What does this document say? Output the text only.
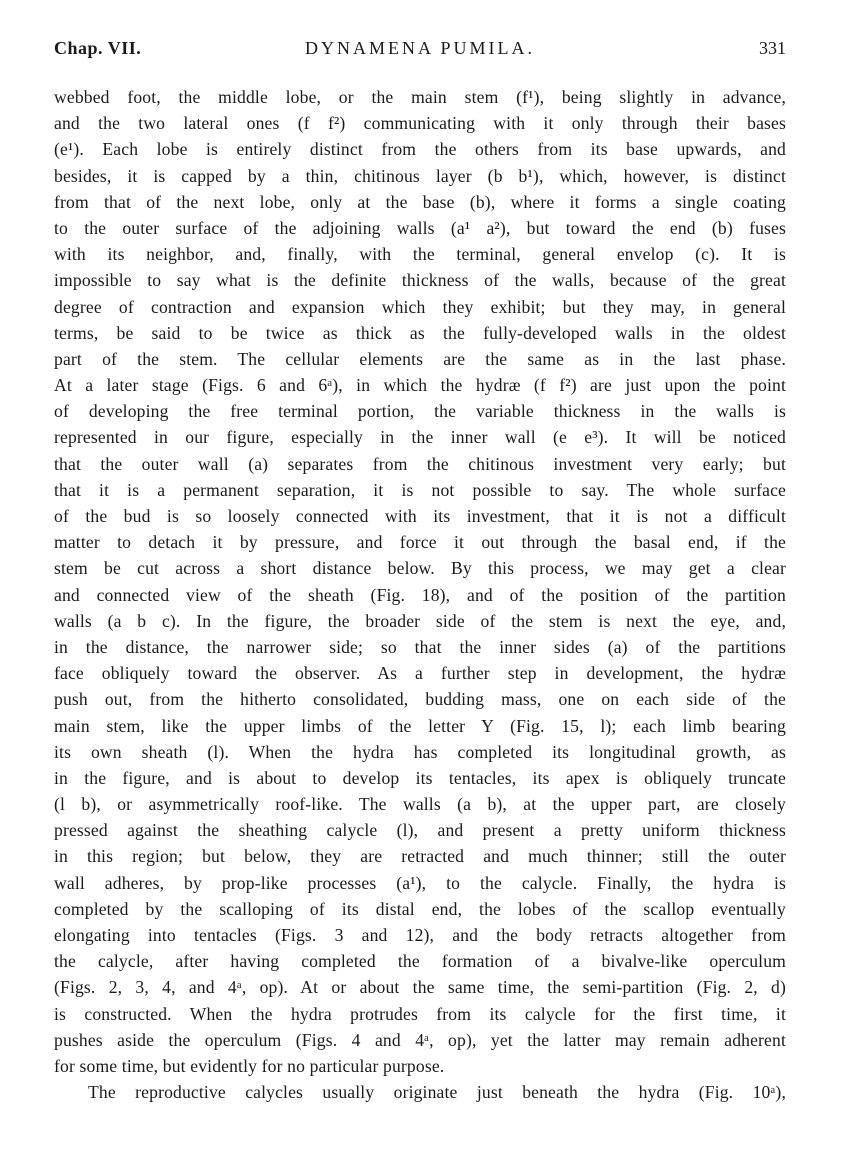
Chap. VII.	DYNAMENA PUMILA.	331
webbed foot, the middle lobe, or the main stem (f¹), being slightly in advance,
and the two lateral ones (f f²) communicating with it only through their bases
(e¹). Each lobe is entirely distinct from the others from its base upwards, and
besides, it is capped by a thin, chitinous layer (b b¹), which, however, is distinct
from that of the next lobe, only at the base (b), where it forms a single coating
to the outer surface of the adjoining walls (a¹ a²), but toward the end (b) fuses
with its neighbor, and, finally, with the terminal, general envelop (c). It is
impossible to say what is the definite thickness of the walls, because of the great
degree of contraction and expansion which they exhibit; but they may, in general
terms, be said to be twice as thick as the fully-developed walls in the oldest
part of the stem. The cellular elements are the same as in the last phase.
At a later stage (Figs. 6 and 6ᵃ), in which the hydræ (f f²) are just upon the point
of developing the free terminal portion, the variable thickness in the walls is
represented in our figure, especially in the inner wall (e e³). It will be noticed
that the outer wall (a) separates from the chitinous investment very early; but
that it is a permanent separation, it is not possible to say. The whole surface
of the bud is so loosely connected with its investment, that it is not a difficult
matter to detach it by pressure, and force it out through the basal end, if the
stem be cut across a short distance below. By this process, we may get a clear
and connected view of the sheath (Fig. 18), and of the position of the partition
walls (a b c). In the figure, the broader side of the stem is next the eye, and,
in the distance, the narrower side; so that the inner sides (a) of the partitions
face obliquely toward the observer. As a further step in development, the hydræ
push out, from the hitherto consolidated, budding mass, one on each side of the
main stem, like the upper limbs of the letter Y (Fig. 15, l); each limb bearing
its own sheath (l). When the hydra has completed its longitudinal growth, as
in the figure, and is about to develop its tentacles, its apex is obliquely truncate
(l b), or asymmetrically roof-like. The walls (a b), at the upper part, are closely
pressed against the sheathing calycle (l), and present a pretty uniform thickness
in this region; but below, they are retracted and much thinner; still the outer
wall adheres, by prop-like processes (a¹), to the calycle. Finally, the hydra is
completed by the scalloping of its distal end, the lobes of the scallop eventually
elongating into tentacles (Figs. 3 and 12), and the body retracts altogether from
the calycle, after having completed the formation of a bivalve-like operculum
(Figs. 2, 3, 4, and 4ᵃ, op). At or about the same time, the semi-partition (Fig. 2, d)
is constructed. When the hydra protrudes from its calycle for the first time, it
pushes aside the operculum (Figs. 4 and 4ᵃ, op), yet the latter may remain adherent
for some time, but evidently for no particular purpose.
The reproductive calycles usually originate just beneath the hydra (Fig. 10ᵃ),
